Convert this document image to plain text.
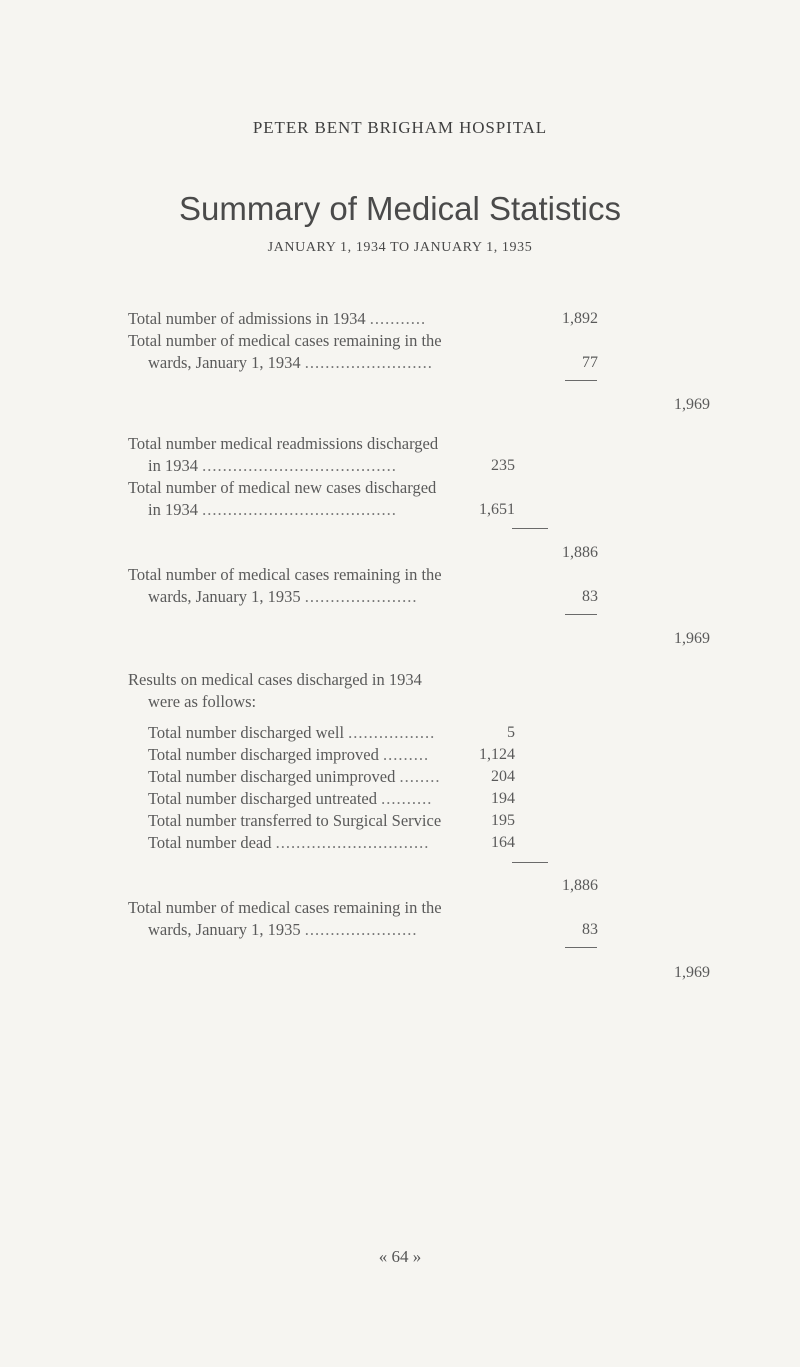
PETER BENT BRIGHAM HOSPITAL
Summary of Medical Statistics
JANUARY 1, 1934 TO JANUARY 1, 1935
Total number of admissions in 1934 ...........	1,892
Total number of medical cases remaining in the
wards, January 1, 1934 .........................	77
1,969
Total number medical readmissions discharged
in 1934 ......................................	235
Total number of medical new cases discharged
in 1934 ......................................	1,651
1,886
Total number of medical cases remaining in the
wards, January 1, 1935 ......................	83
1,969
Results on medical cases discharged in 1934
were as follows:
Total number discharged well .................	5
Total number discharged improved .........	1,124
Total number discharged unimproved ........	204
Total number discharged untreated ..........	194
Total number transferred to Surgical Service	195
Total number dead ..............................	164
1,886
Total number of medical cases remaining in the
wards, January 1, 1935 ......................	83
1,969
« 64 »
